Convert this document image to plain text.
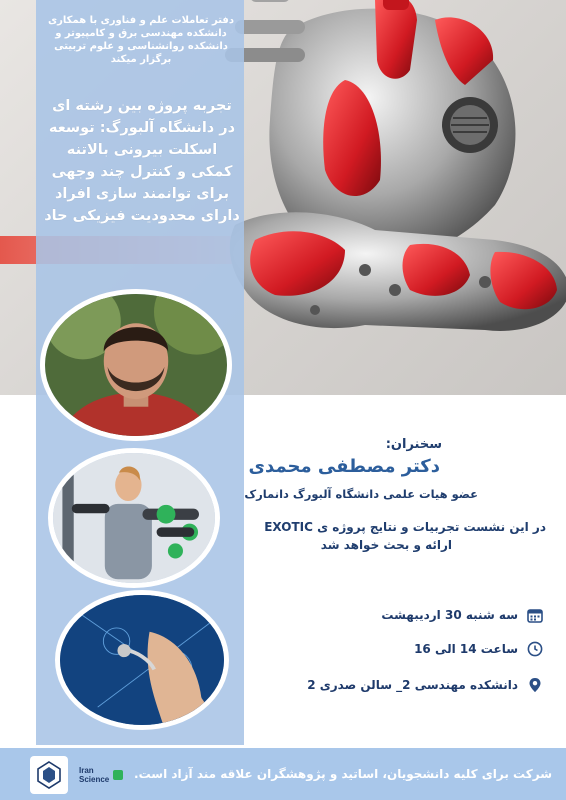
دفتر تعاملات علم و فناوری با همکاری دانشکده مهندسی برق و کامپیوتر و دانشکده روانشناسی و علوم تربیتی برگزار میکند
تجربه پروژه بین رشته ای در دانشگاه آلبورگ: توسعه اسکلت بیرونی بالاتنه کمکی و کنترل چند وجهی برای توانمند سازی افراد دارای محدودیت فیزیکی حاد
سخنران:
دکتر مصطفی محمدی
عضو هیات علمی دانشگاه آلبورگ دانمارک
در این نشست تجربیات و نتایج پروژه ی EXOTIC
ارائه و بحث خواهد شد
سه شنبه 30 اردیبهشت
ساعت 14 الی 16
دانشکده مهندسی 2_ سالن صدری 2
Iran Science شرکت برای کلیه دانشجویان، اساتید و پژوهشگران علاقه مند آزاد است.
